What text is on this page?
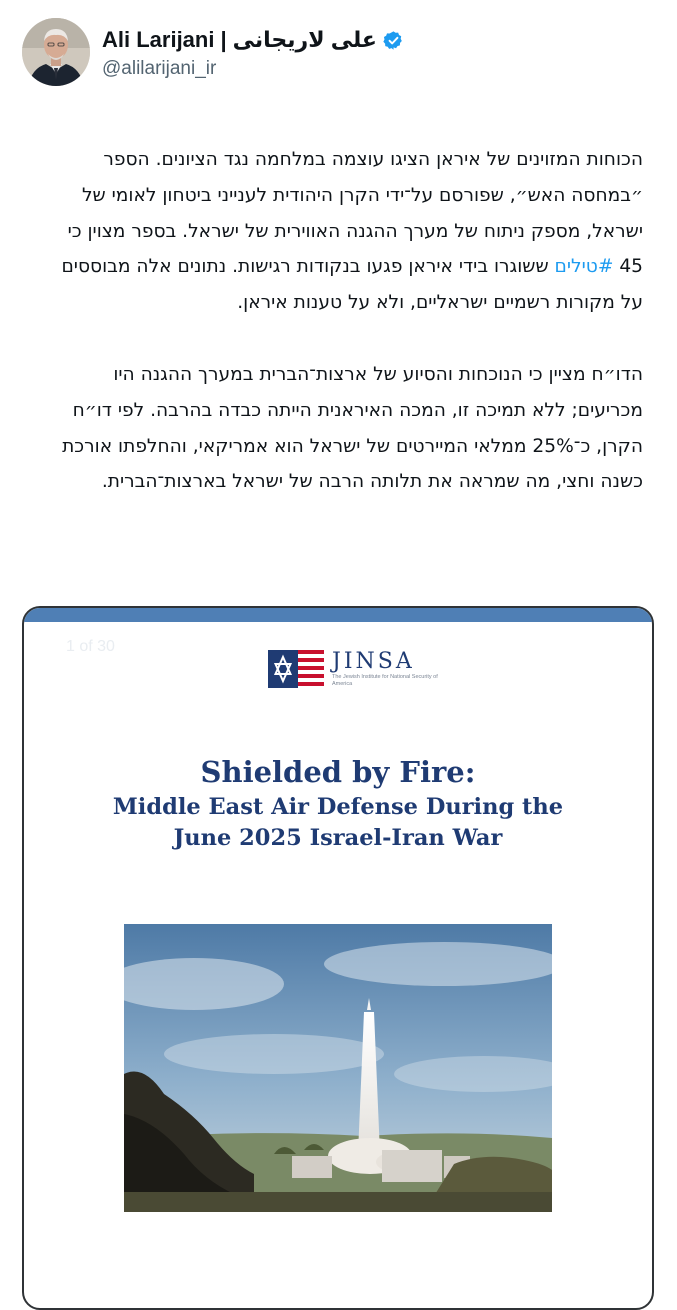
Ali Larijani | علی لاریجانی
@alilarijani_ir

הכוחות המזוינים של איראן הציגו עוצמה במלחמה נגד הציונים. הספר ״במחסה האש״, שפורסם על־ידי הקרן היהודית לענייני ביטחון לאומי של ישראל, מספק ניתוח של מערך ההגנה האווירית של ישראל. בספר מצוין כי 45 #טילים ששוגרו בידי איראן פגעו בנקודות רגישות. נתונים אלה מבוססים על מקורות רשמיים ישראליים, ולא על טענות איראן.

הדו״ח מציין כי הנוכחות והסיוע של ארצות־הברית במערך ההגנה היו מכריעים; ללא תמיכה זו, המכה האיראנית הייתה כבדה בהרבה. לפי דו״ח הקרן, כ־25% ממלאי המיירטים של ישראל הוא אמריקאי, והחלפתו אורכת כשנה וחצי, מה שמראה את תלותה הרבה של ישראל בארצות־הברית.

1 of 30
JINSA
The Jewish Institute for National Security of America
Shielded by Fire:
Middle East Air Defense During the
June 2025 Israel-Iran War
